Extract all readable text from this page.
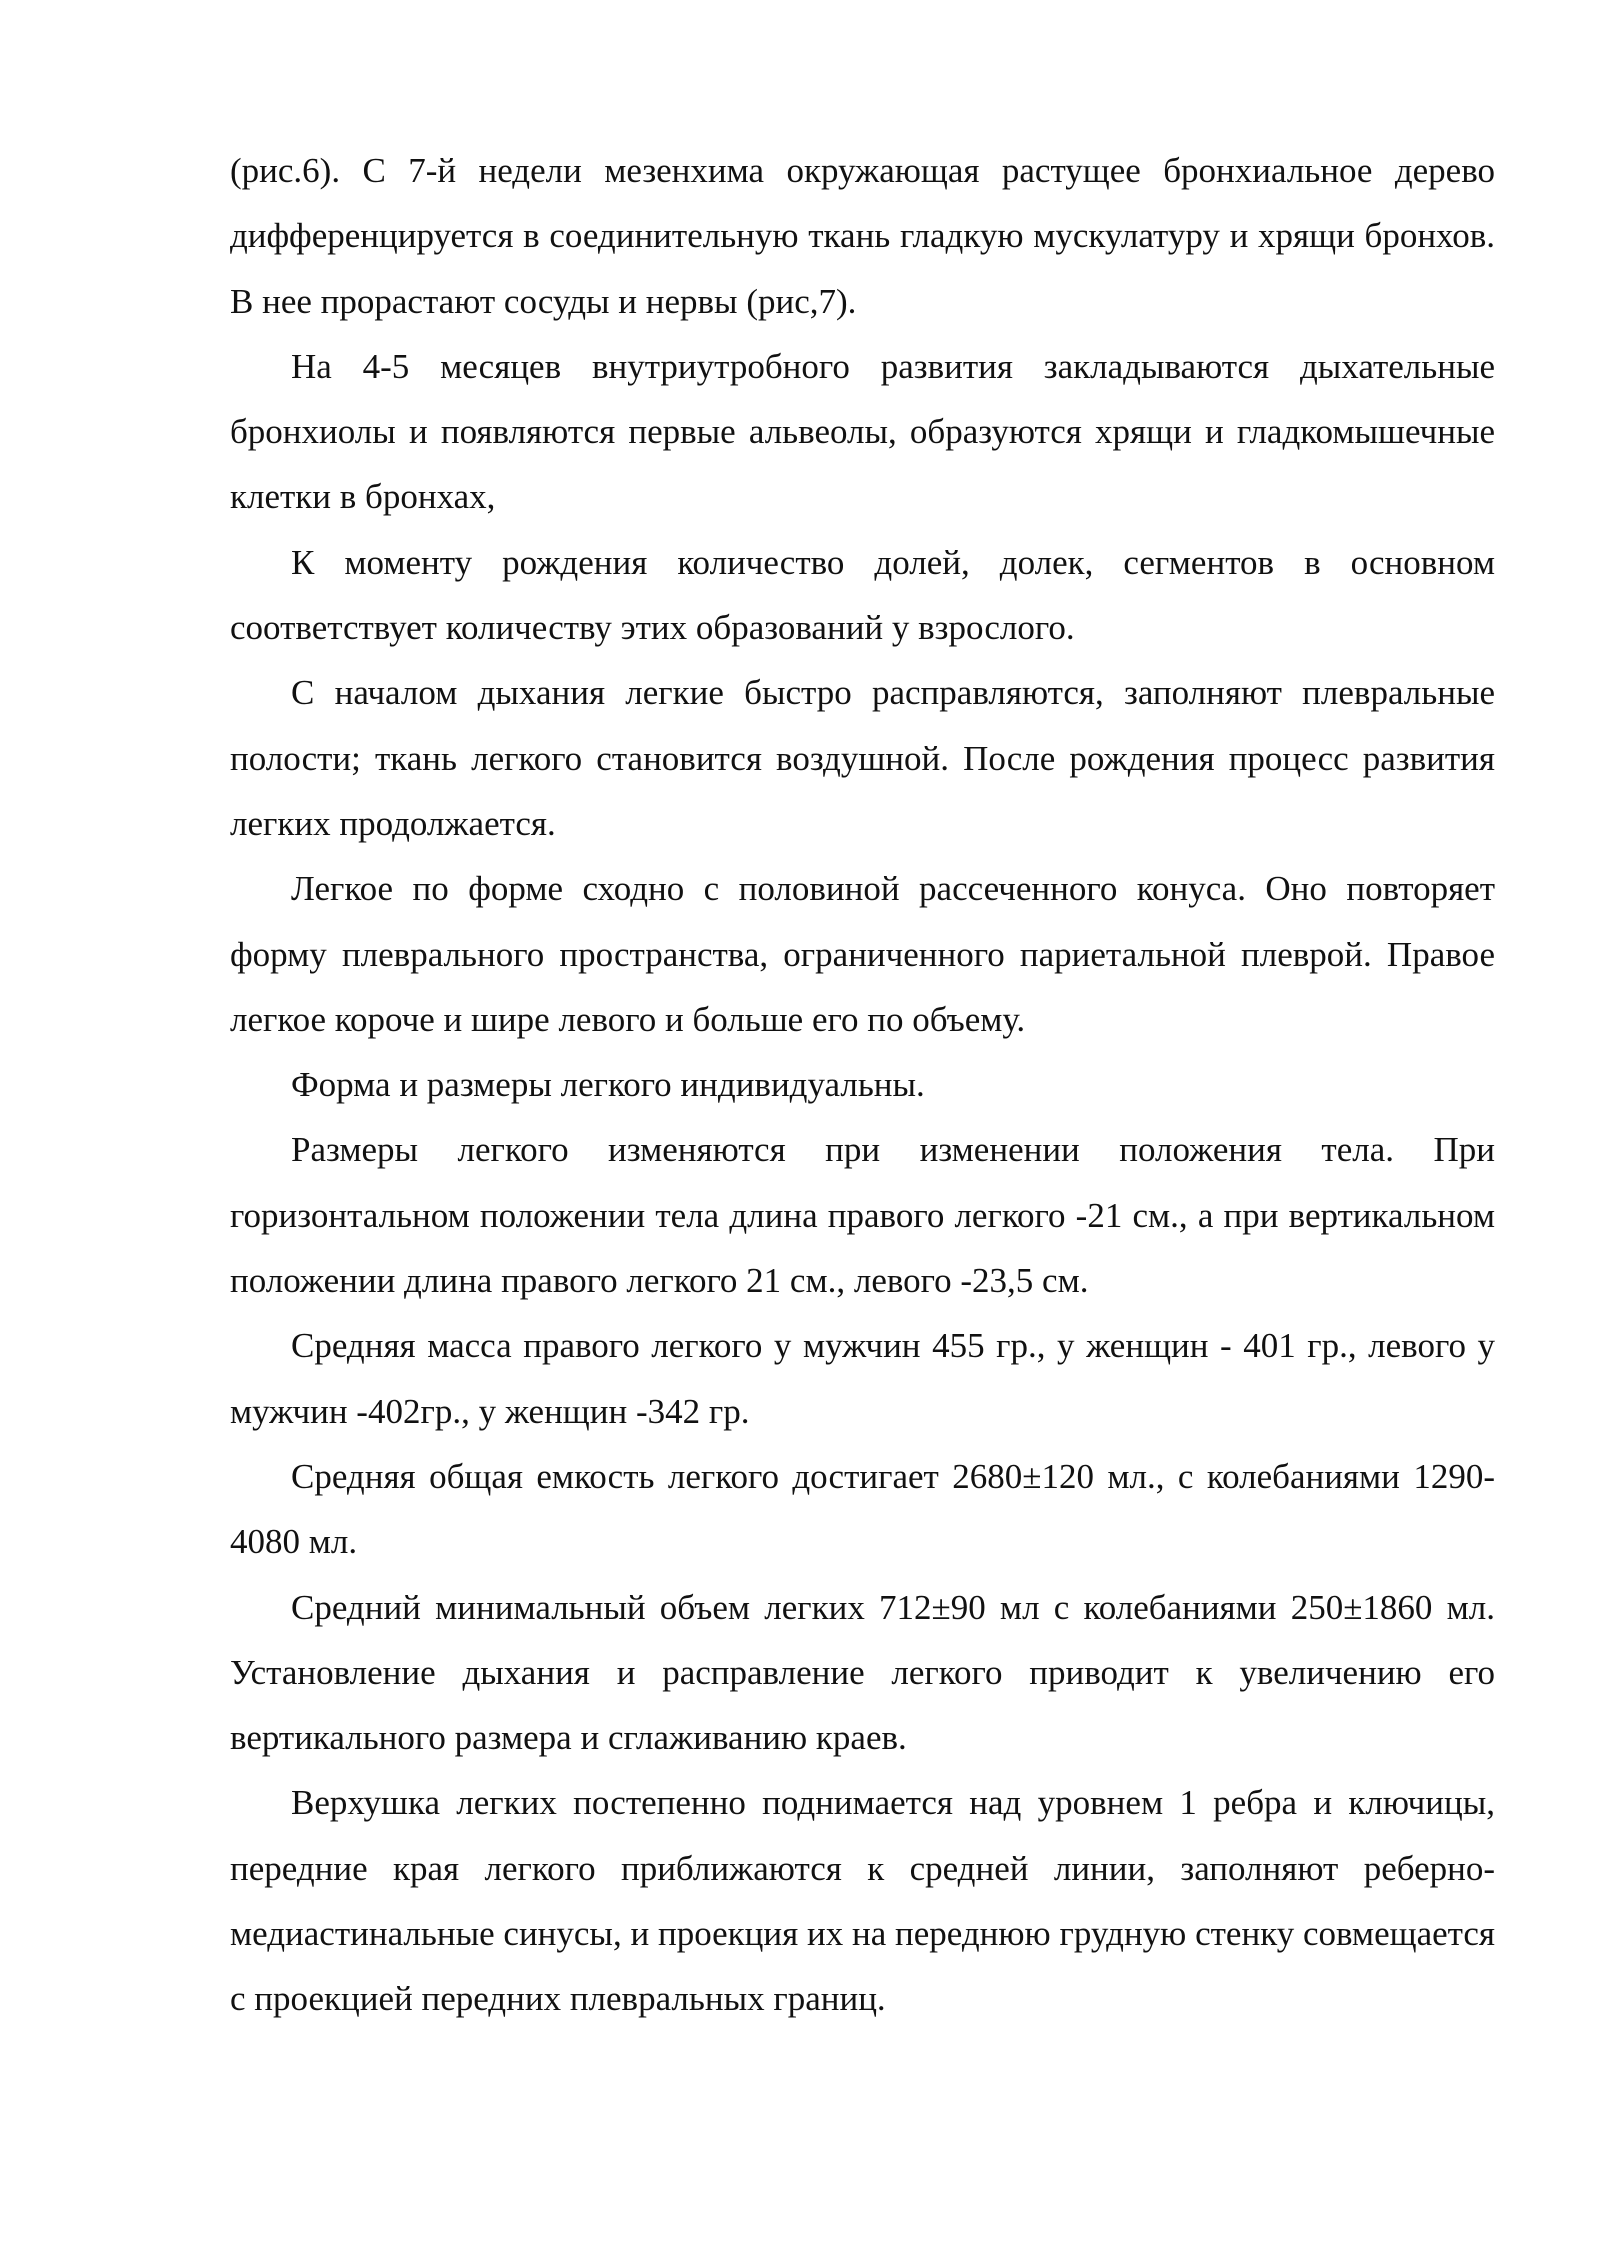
(рис.6). С 7-й недели мезенхима окружающая растущее бронхиальное дерево дифференцируется в соединительную ткань гладкую мускулатуру и хрящи бронхов. В нее прорастают сосуды и нервы (рис,7).

На 4-5 месяцев внутриутробного развития закладываются дыхательные бронхиолы и появляются первые альвеолы, образуются хрящи и гладкомышечные клетки в бронхах,

К моменту рождения количество долей, долек, сегментов в основном соответствует количеству этих образований у взрослого.

С началом дыхания легкие быстро расправляются, заполняют плевральные полости; ткань легкого становится воздушной. После рождения процесс развития легких продолжается.

Легкое по форме сходно с половиной рассеченного конуса. Оно повторяет форму плеврального пространства, ограниченного париетальной плеврой. Правое легкое короче и шире левого и больше его по объему.

Форма и размеры легкого индивидуальны.

Размеры легкого изменяются при изменении положения тела. При горизонтальном положении тела длина правого легкого -21 см., а при вертикальном положении длина правого легкого 21 см., левого -23,5 см.

Средняя масса правого легкого у мужчин 455 гр., у женщин - 401 гр., левого у мужчин -402гр., у женщин -342 гр.

Средняя общая емкость легкого достигает 2680±120 мл., с колебаниями 1290-4080 мл.

Средний минимальный объем легких 712±90 мл с колебаниями 250±1860 мл. Установление дыхания и расправление легкого приводит к увеличению его вертикального размера и сглаживанию краев.

Верхушка легких постепенно поднимается над уровнем 1 ребра и ключицы, передние края легкого приближаются к средней линии, заполняют реберно-медиастинальные синусы, и проекция их на переднюю грудную стенку совмещается с проекцией передних плевральных границ.
